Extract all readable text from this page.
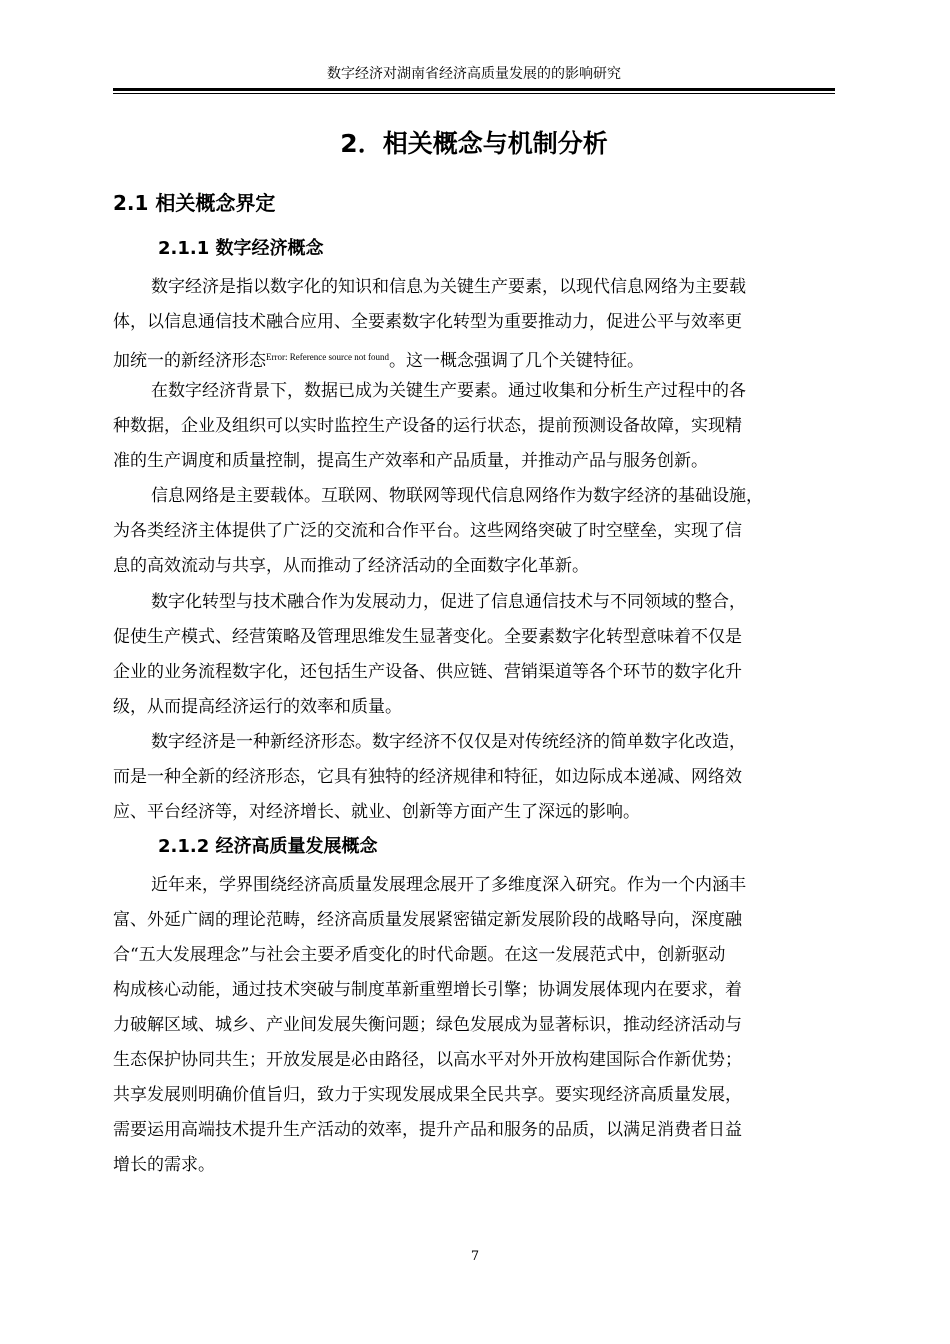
数字经济对湖南省经济高质量发展的的影响研究
2．相关概念与机制分析
2.1 相关概念界定
2.1.1 数字经济概念
数字经济是指以数字化的知识和信息为关键生产要素，以现代信息网络为主要载
体，以信息通信技术融合应用、全要素数字化转型为重要推动力，促进公平与效率更
加统一的新经济形态$^{Error: Reference source not found}$。这一概念强调了几个关键特征。
在数字经济背景下，数据已成为关键生产要素。通过收集和分析生产过程中的各
种数据，企业及组织可以实时监控生产设备的运行状态，提前预测设备故障，实现精
准的生产调度和质量控制，提高生产效率和产品质量，并推动产品与服务创新。
信息网络是主要载体。互联网、物联网等现代信息网络作为数字经济的基础设施，
为各类经济主体提供了广泛的交流和合作平台。这些网络突破了时空壁垒，实现了信
息的高效流动与共享，从而推动了经济活动的全面数字化革新。
数字化转型与技术融合作为发展动力，促进了信息通信技术与不同领域的整合，
促使生产模式、经营策略及管理思维发生显著变化。全要素数字化转型意味着不仅是
企业的业务流程数字化，还包括生产设备、供应链、营销渠道等各个环节的数字化升
级，从而提高经济运行的效率和质量。
数字经济是一种新经济形态。数字经济不仅仅是对传统经济的简单数字化改造，
而是一种全新的经济形态，它具有独特的经济规律和特征，如边际成本递减、网络效
应、平台经济等，对经济增长、就业、创新等方面产生了深远的影响。
2.1.2 经济高质量发展概念
近年来，学界围绕经济高质量发展理念展开了多维度深入研究。作为一个内涵丰
富、外延广阔的理论范畴，经济高质量发展紧密锚定新发展阶段的战略导向，深度融
合“五大发展理念”与社会主要矛盾变化的时代命题。在这一发展范式中，创新驱动
构成核心动能，通过技术突破与制度革新重塑增长引擎；协调发展体现内在要求，着
力破解区域、城乡、产业间发展失衡问题；绿色发展成为显著标识，推动经济活动与
生态保护协同共生；开放发展是必由路径，以高水平对外开放构建国际合作新优势；
共享发展则明确价值旨归，致力于实现发展成果全民共享。要实现经济高质量发展，
需要运用高端技术提升生产活动的效率，提升产品和服务的品质，以满足消费者日益
增长的需求。
7
